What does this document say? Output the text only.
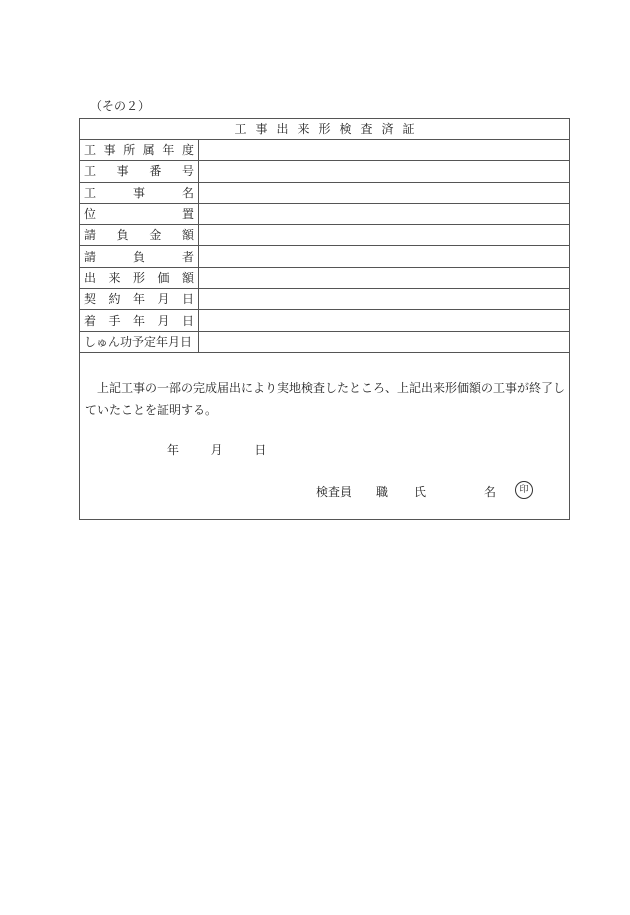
（その２）
工事出来形検査済証
工 事 所 属 年 度
工 事 番 号
工	事	名
位	置
請 負 金 額
請	負	者
出 来 形 価 額
契 約 年 月 日
着 手 年 月 日
しゅん功予定年月日
上記工事の一部の完成届出により実地検査したところ、上記出来形価額の工事が終了していたことを証明する。
年	月	日
検査員 職 氏	名	印
